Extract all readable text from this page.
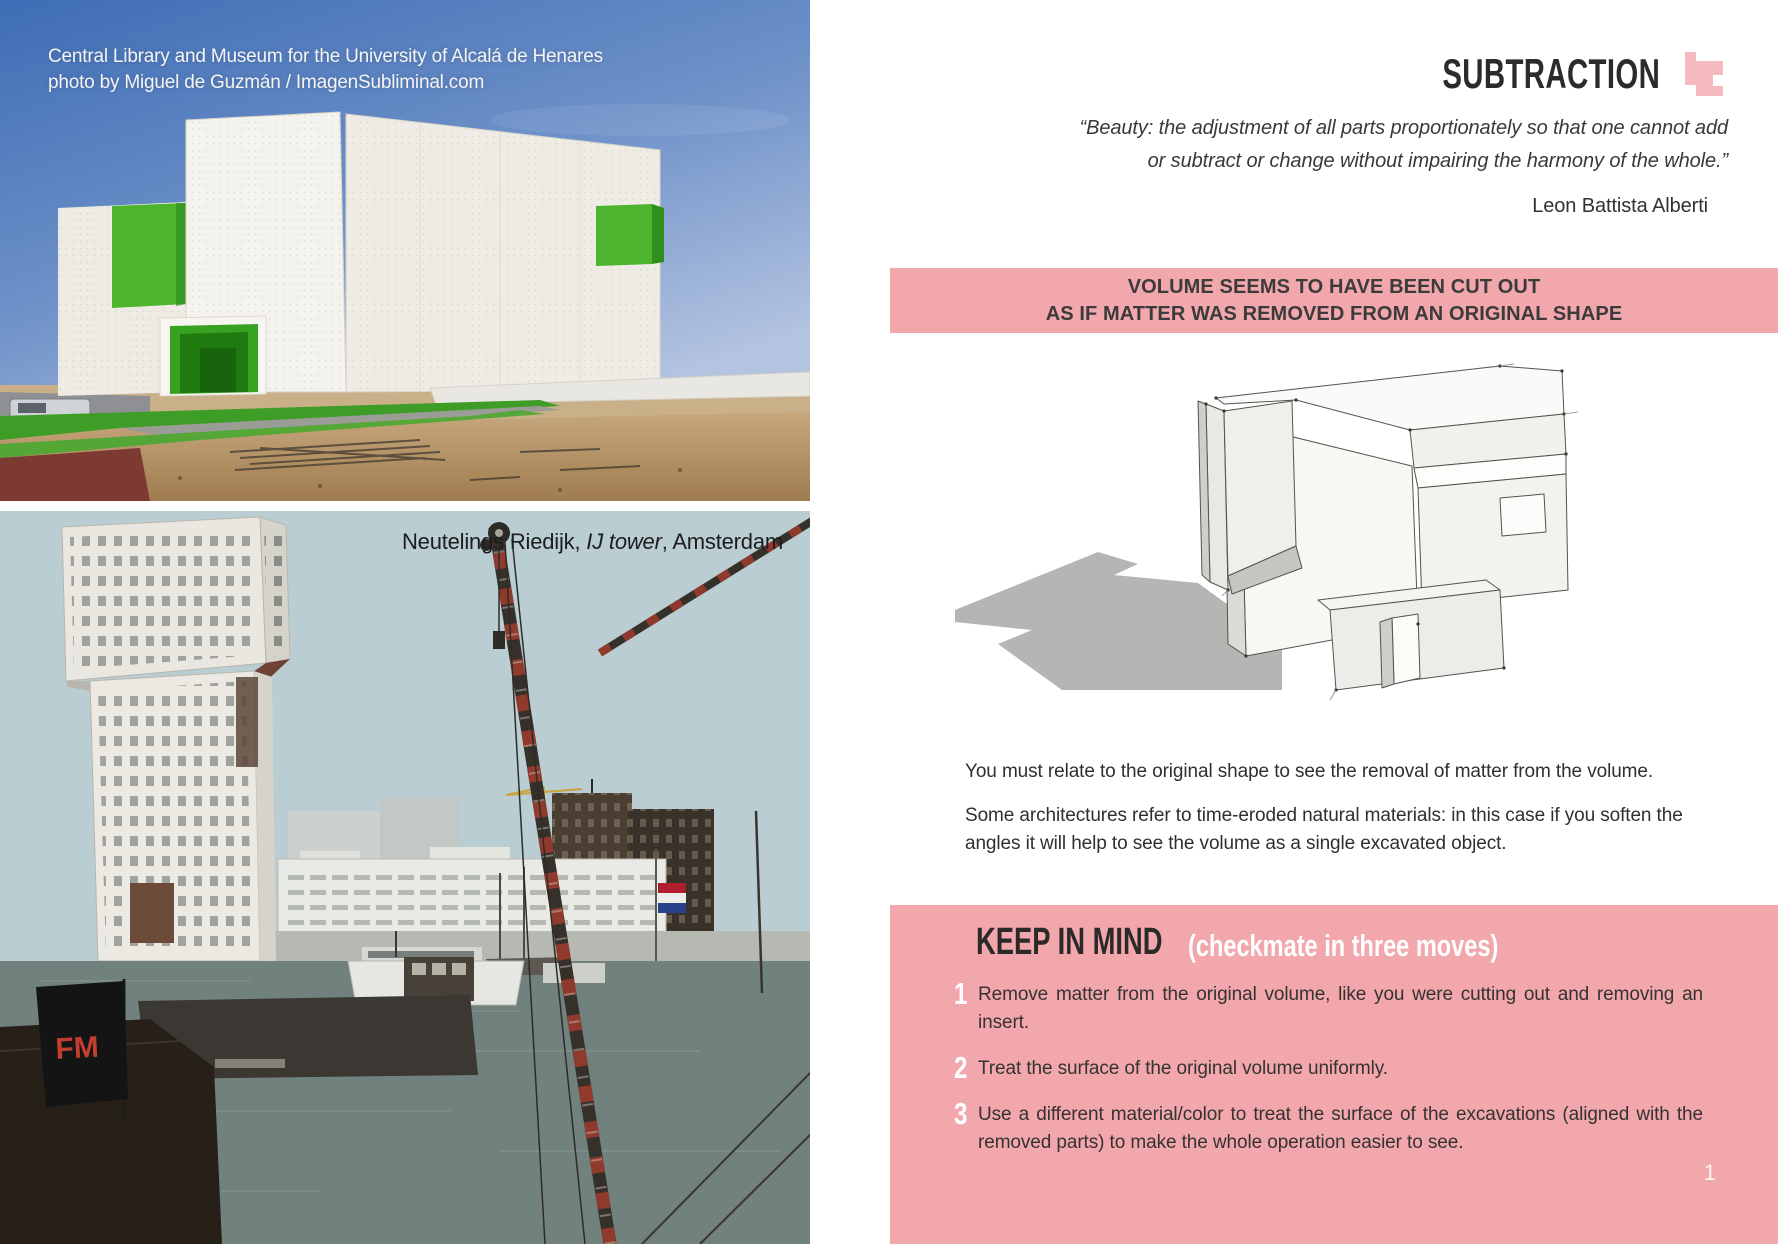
Central Library and Museum for the University of Alcalá de Henares
photo by Miguel de Guzmán / ImagenSubliminal.com
FM
Neutelings Riedijk, IJ tower, Amsterdam
SUBTRACTION
“Beauty: the adjustment of all parts proportionately so that one cannot add
or subtract or change without impairing the harmony of the whole.”
Leon Battista Alberti
VOLUME SEEMS TO HAVE BEEN CUT OUT
AS IF MATTER WAS REMOVED FROM AN ORIGINAL SHAPE

You must relate to the original shape to see the removal of matter from the volume.

Some architectures refer to time-eroded natural materials: in this case if you soften the angles it will help to see the volume as a single excavated object.

KEEP IN MIND (checkmate in three moves)
1 Remove matter from the original volume, like you were cutting out and removing an insert.

2 Treat the surface of the original volume uniformly.

3 Use a different material/color to treat the surface of the excavations (aligned with the removed parts) to make the whole operation easier to see.

1
